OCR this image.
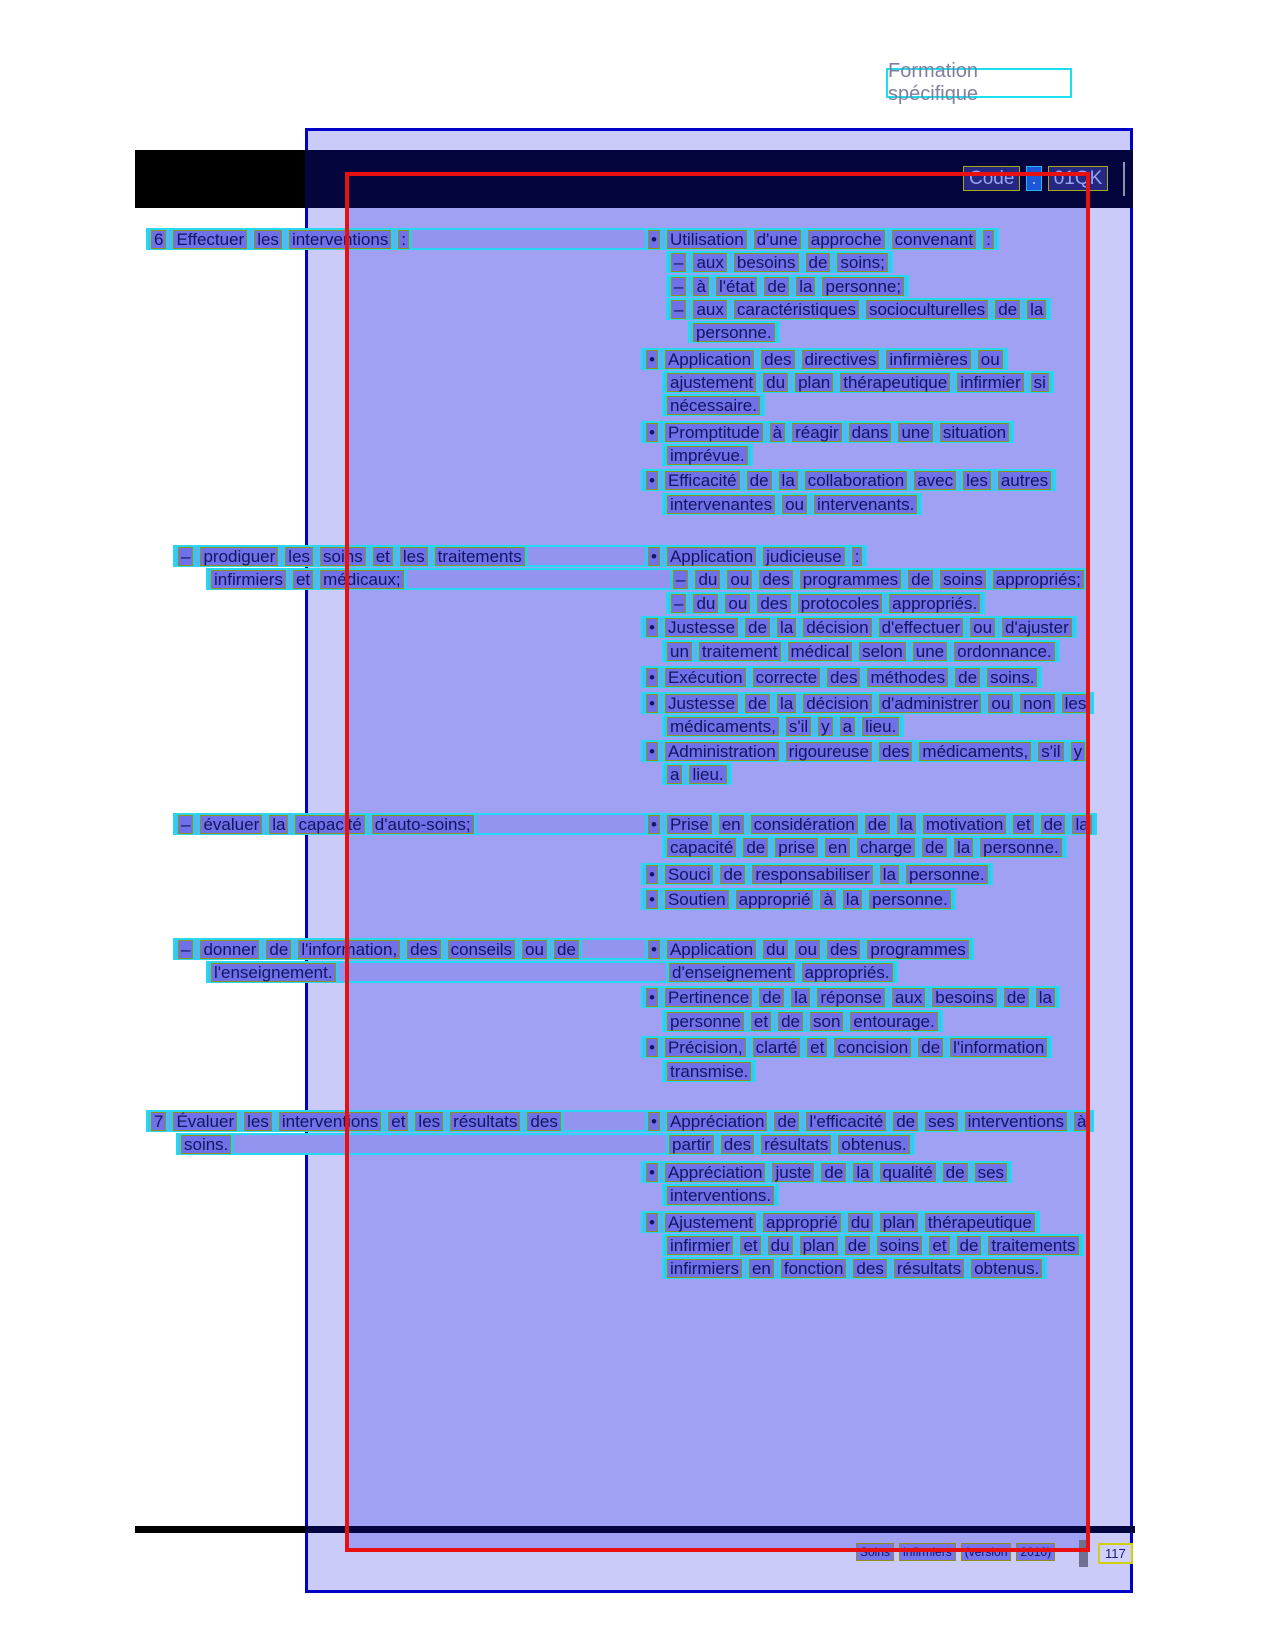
Formation spécifique
Code : 01QK
6 Effectuer les interventions :	• Utilisation d'une approche convenant :
– aux besoins de soins;
– à l'état de la personne;
– aux caractéristiques socioculturelles de la
personne.
• Application des directives infirmières ou
ajustement du plan thérapeutique infirmier si
nécessaire.
• Promptitude à réagir dans une situation
imprévue.
• Efficacité de la collaboration avec les autres
intervenantes ou intervenants.
– prodiguer les soins et les traitements	• Application judicieuse :
infirmiers et médicaux;	– du ou des programmes de soins appropriés;
– du ou des protocoles appropriés.
• Justesse de la décision d'effectuer ou d'ajuster
un traitement médical selon une ordonnance.
• Exécution correcte des méthodes de soins.
• Justesse de la décision d'administrer ou non les
médicaments, s'il y a lieu.
• Administration rigoureuse des médicaments, s'il y
a lieu.
– évaluer la capacité d'auto-soins;	• Prise en considération de la motivation et de la
capacité de prise en charge de la personne.
• Souci de responsabiliser la personne.
• Soutien approprié à la personne.
– donner de l'information, des conseils ou de	• Application du ou des programmes
l'enseignement.	d'enseignement appropriés.
• Pertinence de la réponse aux besoins de la
personne et de son entourage.
• Précision, clarté et concision de l'information
transmise.
7 Évaluer les interventions et les résultats des	• Appréciation de l'efficacité de ses interventions à
soins.	partir des résultats obtenus.
• Appréciation juste de la qualité de ses
interventions.
• Ajustement approprié du plan thérapeutique
infirmier et du plan de soins et de traitements
infirmiers en fonction des résultats obtenus.
Soins	infirmiers	(version	2010)	117
